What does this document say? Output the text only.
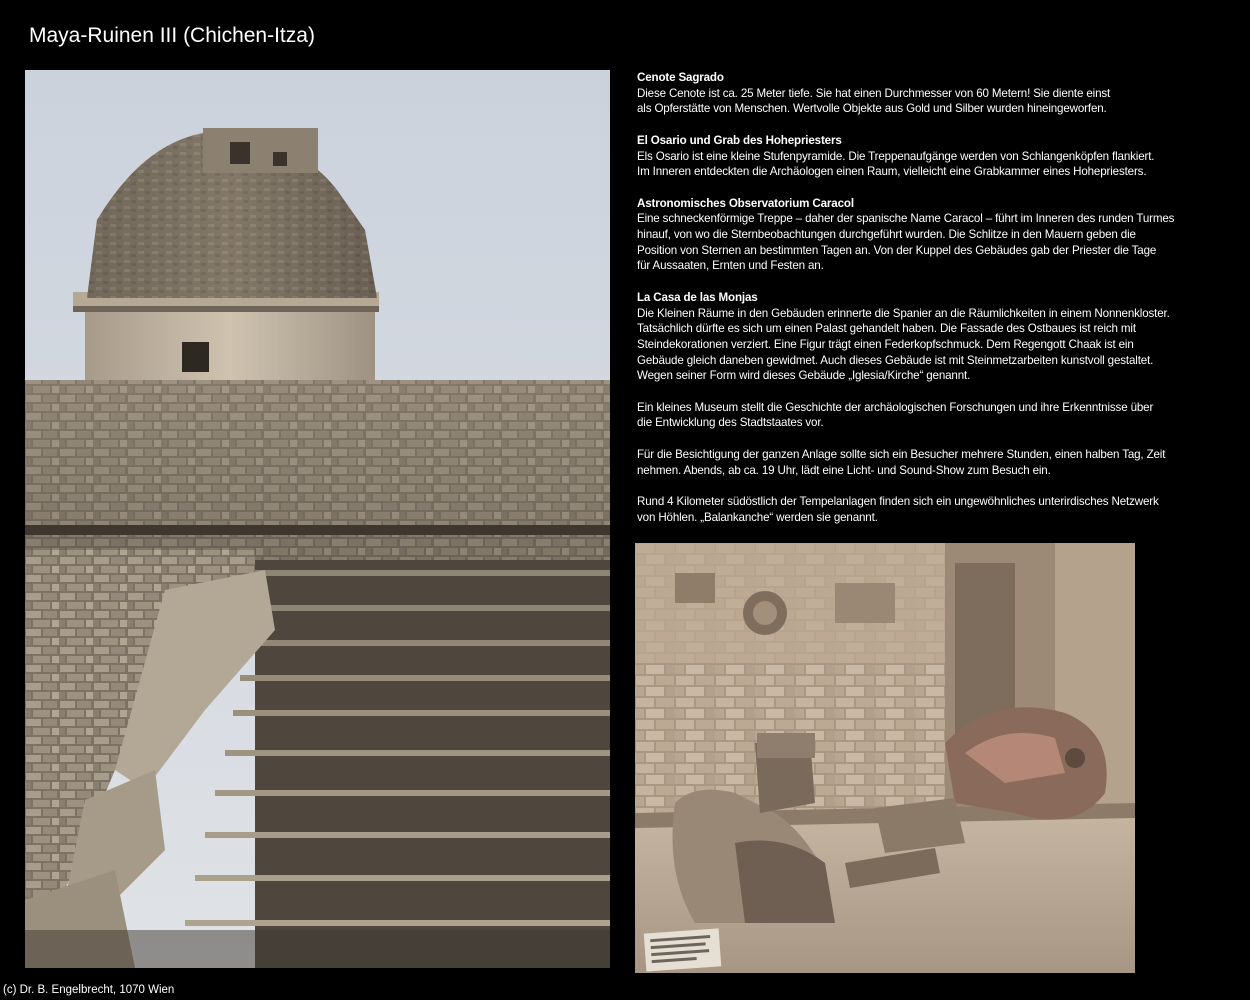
Maya-Ruinen III (Chichen-Itza)
Cenote Sagrado
Diese Cenote ist ca. 25 Meter tiefe. Sie hat einen Durchmesser von 60 Metern! Sie diente einst
als Opferstätte von Menschen. Wertvolle Objekte aus Gold und Silber wurden hineingeworfen.
El Osario und Grab des Hohepriesters
Els Osario ist eine kleine Stufenpyramide. Die Treppenaufgänge werden von Schlangenköpfen flankiert.
Im Inneren entdeckten die Archäologen einen Raum, vielleicht eine Grabkammer eines Hohepriesters.
Astronomisches Observatorium Caracol
Eine schneckenförmige Treppe – daher der spanische Name Caracol – führt im Inneren des runden Turmes
hinauf, von wo die Sternbeobachtungen durchgeführt wurden. Die Schlitze in den Mauern geben die
Position von Sternen an bestimmten Tagen an. Von der Kuppel des Gebäudes gab der Priester die Tage
für Aussaaten, Ernten und Festen an.
La Casa de las Monjas
Die Kleinen Räume in den Gebäuden erinnerte die Spanier an die Räumlichkeiten in einem Nonnenkloster.
Tatsächlich dürfte es sich um einen Palast gehandelt haben. Die Fassade des Ostbaues ist reich mit
Steindekorationen verziert. Eine Figur trägt einen Federkopfschmuck. Dem Regengott Chaak ist ein
Gebäude gleich daneben gewidmet. Auch dieses Gebäude ist mit Steinmetzarbeiten kunstvoll gestaltet.
Wegen seiner Form wird dieses Gebäude „Iglesia/Kirche“ genannt.
Ein kleines Museum stellt die Geschichte der archäologischen Forschungen und ihre Erkenntnisse über
die Entwicklung des Stadtstaates vor.
Für die Besichtigung der ganzen Anlage sollte sich ein Besucher mehrere Stunden, einen halben Tag, Zeit
nehmen. Abends, ab ca. 19 Uhr, lädt eine Licht- und Sound-Show zum Besuch ein.
Rund 4 Kilometer südöstlich der Tempelanlagen finden sich ein ungewöhnliches unterirdisches Netzwerk
von Höhlen. „Balankanche“ werden sie genannt.
(c) Dr. B. Engelbrecht, 1070 Wien
